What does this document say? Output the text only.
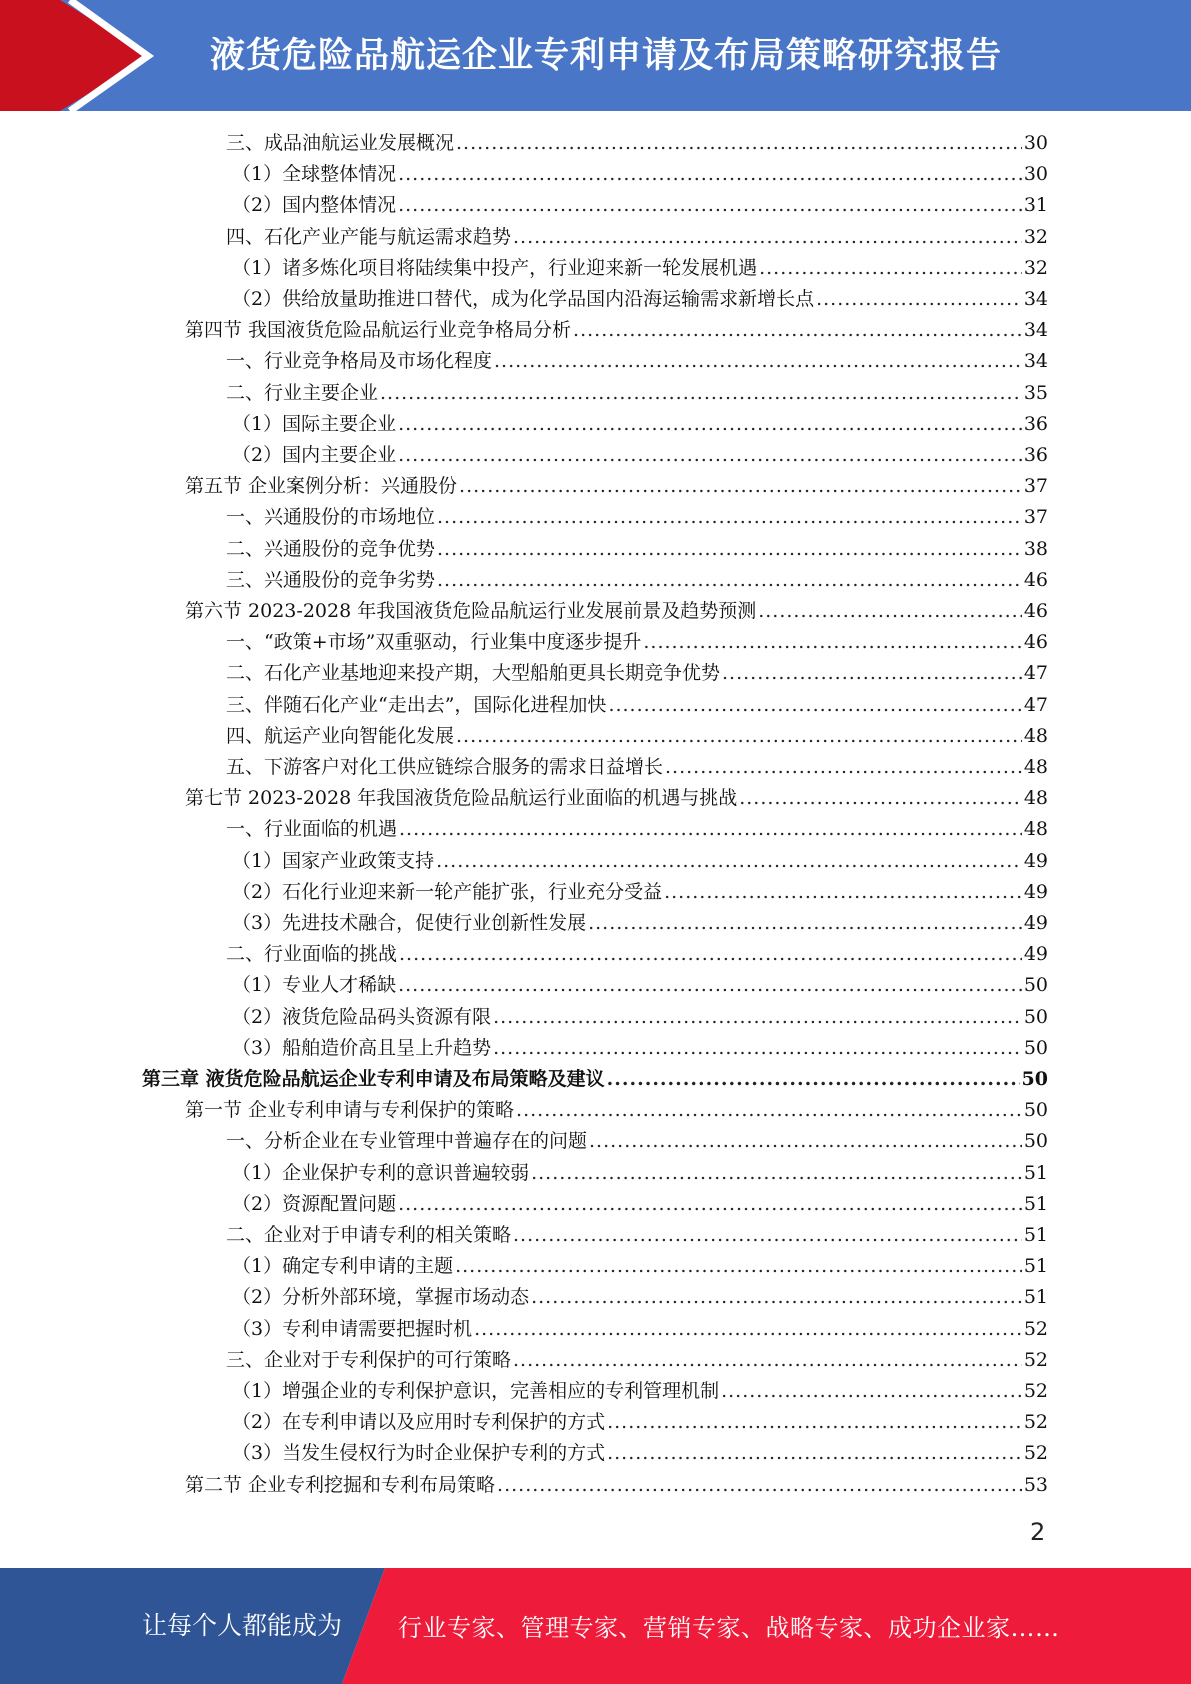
液货危险品航运企业专利申请及布局策略研究报告
三、成品油航运业发展概况 .....	30
（1）全球整体情况 .....	30
（2）国内整体情况 .....	31
四、石化产业产能与航运需求趋势 .....	32
（1）诸多炼化项目将陆续集中投产，行业迎来新一轮发展机遇 .....	32
（2）供给放量助推进口替代，成为化学品国内沿海运输需求新增长点 .....	34
第四节 我国液货危险品航运行业竞争格局分析 .....	34
一、行业竞争格局及市场化程度 .....	34
二、行业主要企业 .....	35
（1）国际主要企业 .....	36
（2）国内主要企业 .....	36
第五节 企业案例分析：兴通股份 .....	37
一、兴通股份的市场地位 .....	37
二、兴通股份的竞争优势 .....	38
三、兴通股份的竞争劣势 .....	46
第六节 2023-2028 年我国液货危险品航运行业发展前景及趋势预测 .....	46
一、“政策+市场”双重驱动，行业集中度逐步提升 .....	46
二、石化产业基地迎来投产期，大型船舶更具长期竞争优势 .....	47
三、伴随石化产业“走出去”，国际化进程加快 .....	47
四、航运产业向智能化发展 .....	48
五、下游客户对化工供应链综合服务的需求日益增长 .....	48
第七节 2023-2028 年我国液货危险品航运行业面临的机遇与挑战 .....	48
一、行业面临的机遇 .....	48
（1）国家产业政策支持 .....	49
（2）石化行业迎来新一轮产能扩张，行业充分受益 .....	49
（3）先进技术融合，促使行业创新性发展 .....	49
二、行业面临的挑战 .....	49
（1）专业人才稀缺 .....	50
（2）液货危险品码头资源有限 .....	50
（3）船舶造价高且呈上升趋势 .....	50
第三章 液货危险品航运企业专利申请及布局策略及建议 .....	50
第一节 企业专利申请与专利保护的策略 .....	50
一、分析企业在专业管理中普遍存在的问题 .....	50
（1）企业保护专利的意识普遍较弱 .....	51
（2）资源配置问题 .....	51
二、企业对于申请专利的相关策略 .....	51
（1）确定专利申请的主题 .....	51
（2）分析外部环境，掌握市场动态 .....	51
（3）专利申请需要把握时机 .....	52
三、企业对于专利保护的可行策略 .....	52
（1）增强企业的专利保护意识，完善相应的专利管理机制 .....	52
（2）在专利申请以及应用时专利保护的方式 .....	52
（3）当发生侵权行为时企业保护专利的方式 .....	52
第二节 企业专利挖掘和专利布局策略 .....	53
2
让每个人都能成为 行业专家、管理专家、营销专家、战略专家、成功企业家……
